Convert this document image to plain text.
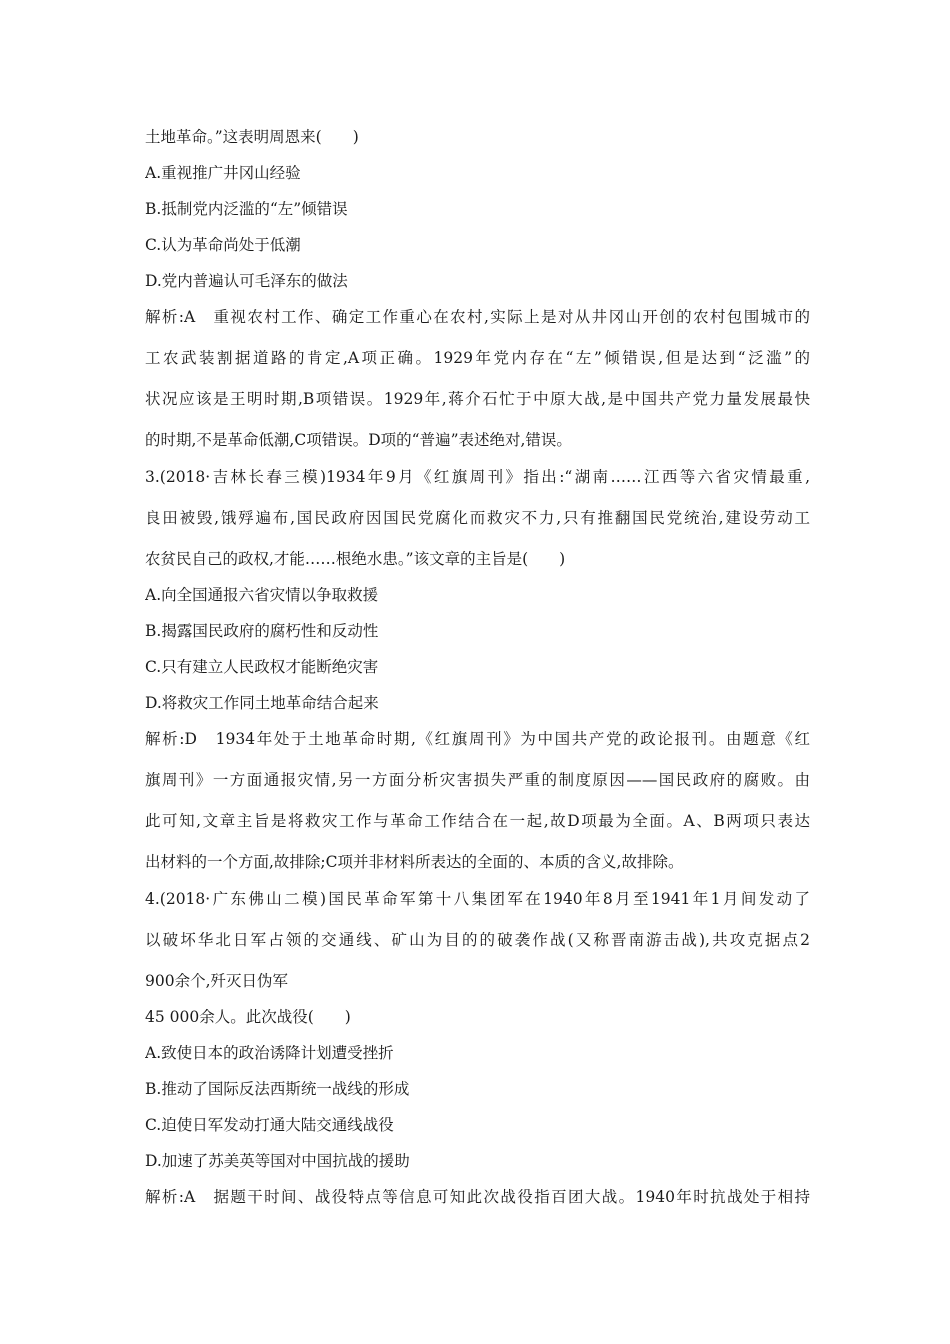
土地革命。”这表明周恩来(　　)
A.重视推广井冈山经验
B.抵制党内泛滥的“左”倾错误
C.认为革命尚处于低潮
D.党内普遍认可毛泽东的做法
解析:A　重视农村工作、确定工作重心在农村,实际上是对从井冈山开创的农村包围城市的
工农武装割据道路的肯定,A项正确。1929年党内存在“左”倾错误,但是达到“泛滥”的
状况应该是王明时期,B项错误。1929年,蒋介石忙于中原大战,是中国共产党力量发展最快
的时期,不是革命低潮,C项错误。D项的“普遍”表述绝对,错误。
3.(2018·吉林长春三模)1934年9月《红旗周刊》指出:“湖南……江西等六省灾情最重,
良田被毁,饿殍遍布,国民政府因国民党腐化而救灾不力,只有推翻国民党统治,建设劳动工
农贫民自己的政权,才能……根绝水患。”该文章的主旨是(　　)
A.向全国通报六省灾情以争取救援
B.揭露国民政府的腐朽性和反动性
C.只有建立人民政权才能断绝灾害
D.将救灾工作同土地革命结合起来
解析:D　1934年处于土地革命时期,《红旗周刊》为中国共产党的政论报刊。由题意《红
旗周刊》一方面通报灾情,另一方面分析灾害损失严重的制度原因——国民政府的腐败。由
此可知,文章主旨是将救灾工作与革命工作结合在一起,故D项最为全面。A、B两项只表达
出材料的一个方面,故排除;C项并非材料所表达的全面的、本质的含义,故排除。
4.(2018·广东佛山二模)国民革命军第十八集团军在1940年8月至1941年1月间发动了
以破坏华北日军占领的交通线、矿山为目的的破袭作战(又称晋南游击战),共攻克据点2
900余个,歼灭日伪军
45 000余人。此次战役(　　)
A.致使日本的政治诱降计划遭受挫折
B.推动了国际反法西斯统一战线的形成
C.迫使日军发动打通大陆交通线战役
D.加速了苏美英等国对中国抗战的援助
解析:A　据题干时间、战役特点等信息可知此次战役指百团大战。1940年时抗战处于相持
